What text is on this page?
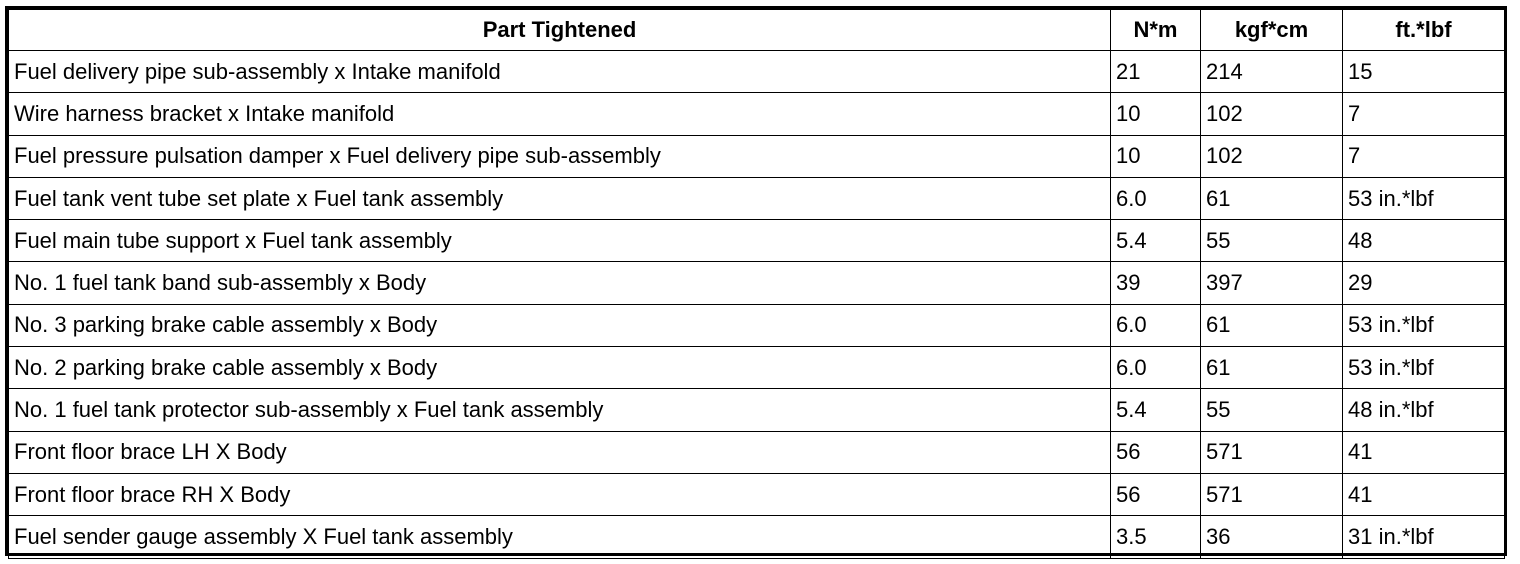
Part Tightened	N*m	kgf*cm	ft.*lbf
Fuel delivery pipe sub-assembly x Intake manifold	21	214	15
Wire harness bracket x Intake manifold	10	102	7
Fuel pressure pulsation damper x Fuel delivery pipe sub-assembly	10	102	7
Fuel tank vent tube set plate x Fuel tank assembly	6.0	61	53 in.*lbf
Fuel main tube support x Fuel tank assembly	5.4	55	48
No. 1 fuel tank band sub-assembly x Body	39	397	29
No. 3 parking brake cable assembly x Body	6.0	61	53 in.*lbf
No. 2 parking brake cable assembly x Body	6.0	61	53 in.*lbf
No. 1 fuel tank protector sub-assembly x Fuel tank assembly	5.4	55	48 in.*lbf
Front floor brace LH X Body	56	571	41
Front floor brace RH X Body	56	571	41
Fuel sender gauge assembly X Fuel tank assembly	3.5	36	31 in.*lbf
